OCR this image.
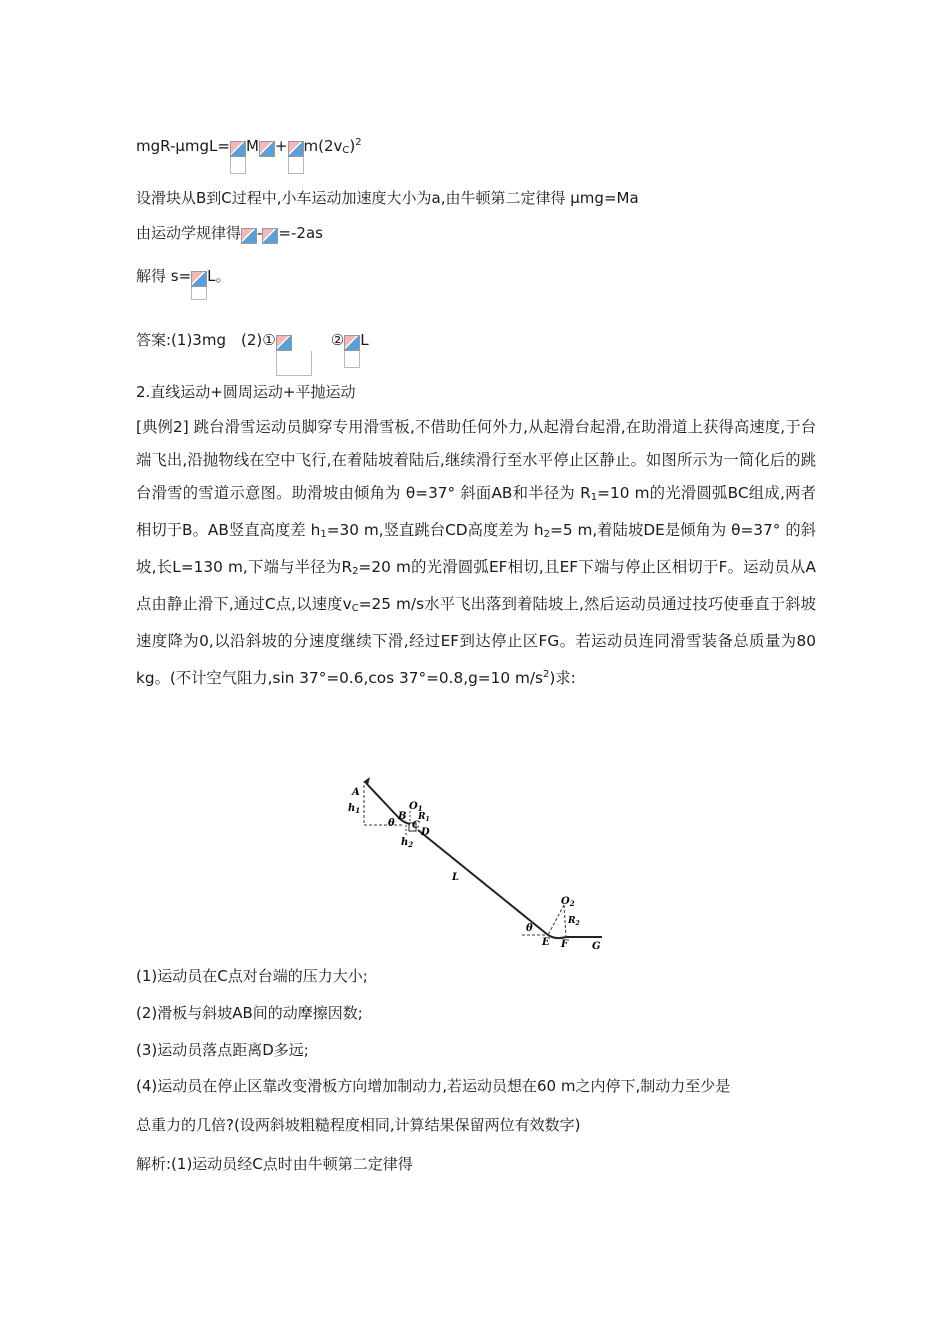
$mgR-\mu mgL= M + m(2v_C)^2$
设滑块从B到C过程中,小车运动加速度大小为a,由牛顿第二定律得 μmg=Ma
由运动学规律得 - =-2as
解得 s= L。
答案:(1)3mg　(2)①	② L
2.直线运动+圆周运动+平抛运动
[典例2] 跳台滑雪运动员脚穿专用滑雪板,不借助任何外力,从起滑台起滑,在助滑道上获得高速度,于台端飞出,沿抛物线在空中飞行,在着陆坡着陆后,继续滑行至水平停止区静止。如图所示为一简化后的跳台滑雪的雪道示意图。助滑坡由倾角为 θ=37° 斜面AB和半径为 $R_1=10$ m的光滑圆弧BC组成,两者相切于B。AB竖直高度差 $h_1=30$ m,竖直跳台CD高度差为 $h_2=5$ m,着陆坡DE是倾角为 θ=37° 的斜坡,长L=130 m,下端与半径为$R_2=20$ m的光滑圆弧EF相切,且EF下端与停止区相切于F。运动员从A点由静止滑下,通过C点,以速度$v_C=25$ m/s水平飞出落到着陆坡上,然后运动员通过技巧使垂直于斜坡速度降为0,以沿斜坡的分速度继续下滑,经过EF到达停止区FG。若运动员连同滑雪装备总质量为80 kg。(不计空气阻力,sin 37°=0.6,cos 37°=0.8,g=10 $m/s^2$)求:
A
$h_1$
θ
B
$O_1$
$R_1$
C
D
$h_2$
L
$O_2$
$R_2$
θ
E F G
(1)运动员在C点对台端的压力大小;
(2)滑板与斜坡AB间的动摩擦因数;
(3)运动员落点距离D多远;
(4)运动员在停止区靠改变滑板方向增加制动力,若运动员想在60 m之内停下,制动力至少是
总重力的几倍?(设两斜坡粗糙程度相同,计算结果保留两位有效数字)
解析:(1)运动员经C点时由牛顿第二定律得
